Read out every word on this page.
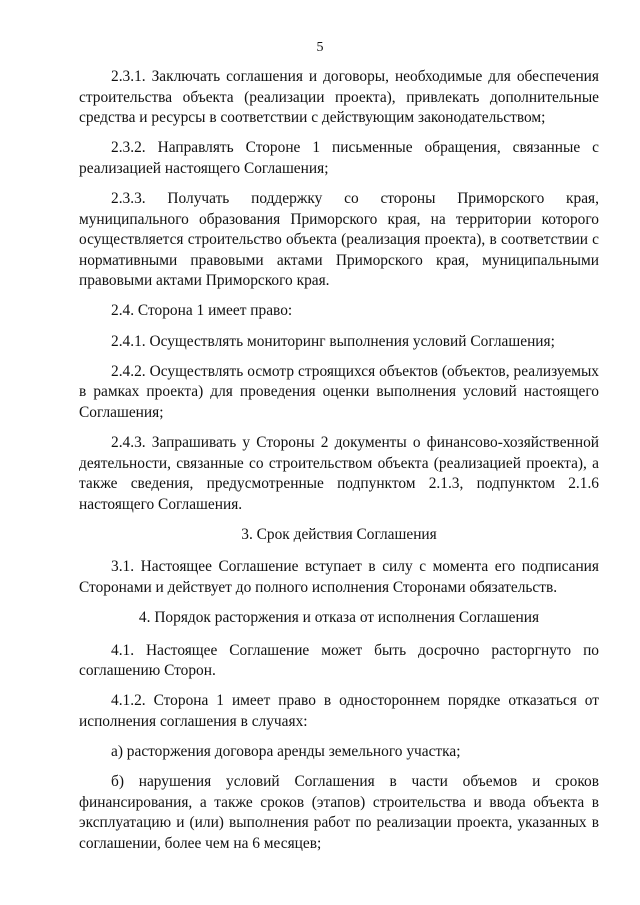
5

2.3.1. Заключать соглашения и договоры, необходимые для обеспечения строительства объекта (реализации проекта), привлекать дополнительные средства и ресурсы в соответствии с действующим законодательством;

2.3.2. Направлять Стороне 1 письменные обращения, связанные с реализацией настоящего Соглашения;

2.3.3. Получать поддержку со стороны Приморского края, муниципального образования Приморского края, на территории которого осуществляется строительство объекта (реализация проекта), в соответствии с нормативными правовыми актами Приморского края, муниципальными правовыми актами Приморского края.

2.4. Сторона 1 имеет право:

2.4.1. Осуществлять мониторинг выполнения условий Соглашения;

2.4.2. Осуществлять осмотр строящихся объектов (объектов, реализуемых в рамках проекта) для проведения оценки выполнения условий настоящего Соглашения;

2.4.3. Запрашивать у Стороны 2 документы о финансово-хозяйственной деятельности, связанные со строительством объекта (реализацией проекта), а также сведения, предусмотренные подпунктом 2.1.3, подпунктом 2.1.6 настоящего Соглашения.

3. Срок действия Соглашения

3.1. Настоящее Соглашение вступает в силу с момента его подписания Сторонами и действует до полного исполнения Сторонами обязательств.

4. Порядок расторжения и отказа от исполнения Соглашения

4.1. Настоящее Соглашение может быть досрочно расторгнуто по соглашению Сторон.

4.1.2. Сторона 1 имеет право в одностороннем порядке отказаться от исполнения соглашения в случаях:

а) расторжения договора аренды земельного участка;

б) нарушения условий Соглашения в части объемов и сроков финансирования, а также сроков (этапов) строительства и ввода объекта в эксплуатацию и (или) выполнения работ по реализации проекта, указанных в соглашении, более чем на 6 месяцев;
